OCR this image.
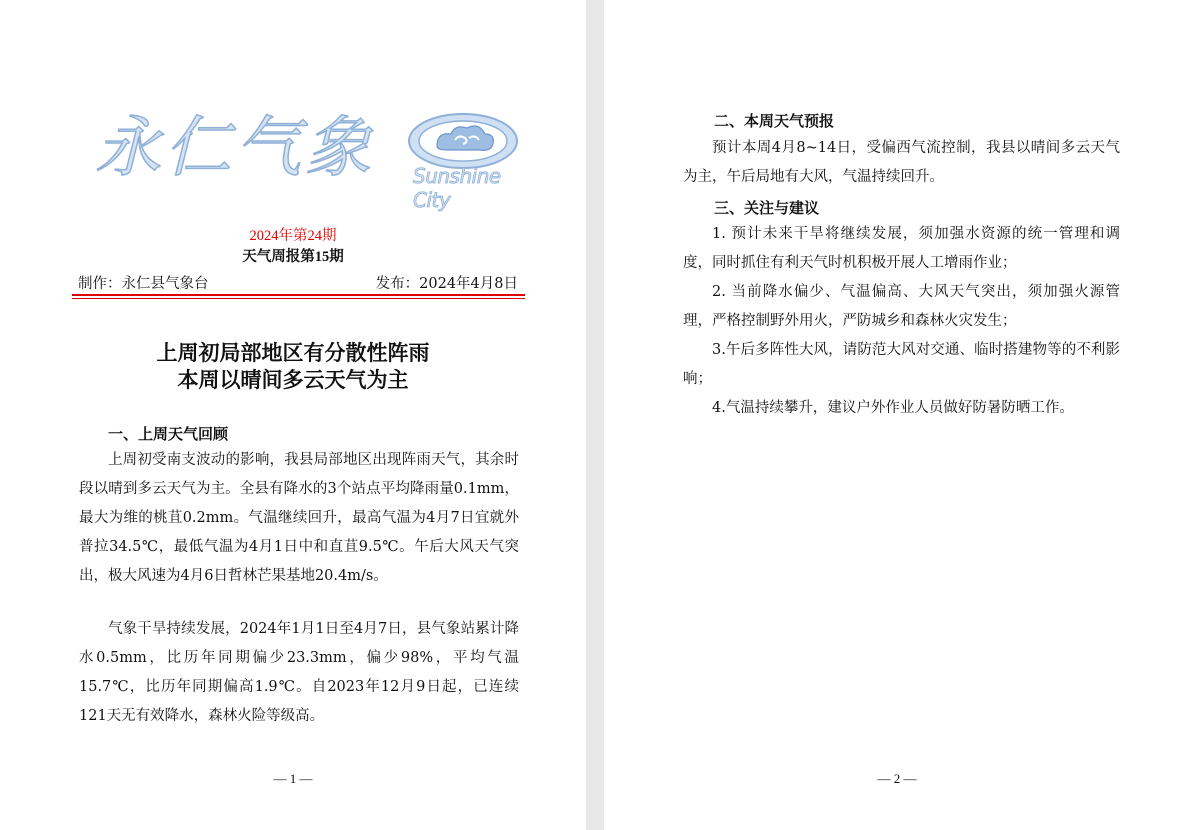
永仁气象 Sunshine City
2024年第24期
天气周报第15期
制作：永仁县气象台	发布：2024年4月8日
上周初局部地区有分散性阵雨
本周以晴间多云天气为主
一、上周天气回顾
上周初受南支波动的影响，我县局部地区出现阵雨天气，其余时段以晴到多云天气为主。全县有降水的3个站点平均降雨量0.1mm，最大为维的桃苴0.2mm。气温继续回升，最高气温为4月7日宜就外普拉34.5℃，最低气温为4月1日中和直苴9.5℃。午后大风天气突出，极大风速为4月6日哲林芒果基地20.4m/s。
气象干旱持续发展，2024年1月1日至4月7日，县气象站累计降水0.5mm，比历年同期偏少23.3mm，偏少98%，平均气温15.7℃，比历年同期偏高1.9℃。自2023年12月9日起，已连续121天无有效降水，森林火险等级高。
— 1 —
二、本周天气预报
预计本周4月8~14日，受偏西气流控制，我县以晴间多云天气为主，午后局地有大风，气温持续回升。
三、关注与建议
1. 预计未来干旱将继续发展，须加强水资源的统一管理和调度，同时抓住有利天气时机积极开展人工增雨作业；
2. 当前降水偏少、气温偏高、大风天气突出，须加强火源管理，严格控制野外用火，严防城乡和森林火灾发生；
3.午后多阵性大风，请防范大风对交通、临时搭建物等的不利影响；
4.气温持续攀升，建议户外作业人员做好防暑防晒工作。
— 2 —
